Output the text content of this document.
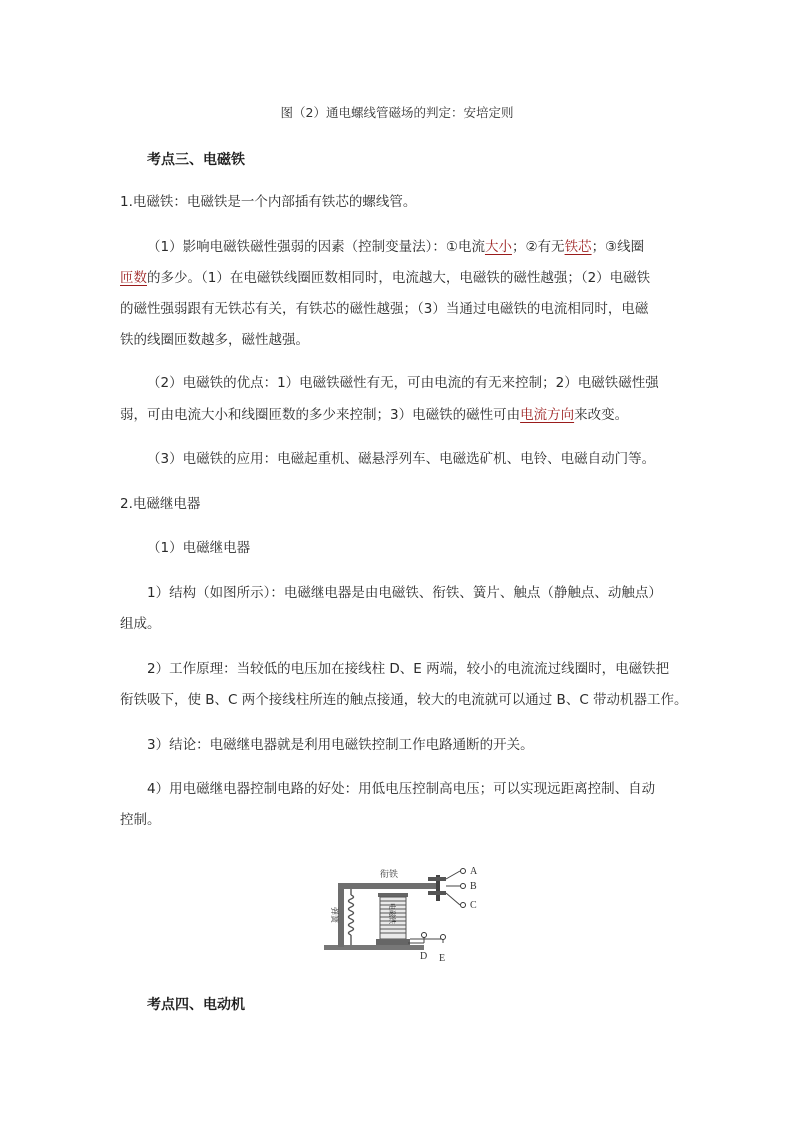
图（2）通电螺线管磁场的判定：安培定则
考点三、电磁铁
1.电磁铁：电磁铁是一个内部插有铁芯的螺线管。
（1）影响电磁铁磁性强弱的因素（控制变量法）：①电流大小；②有无铁芯；③线圈
匝数的多少。（1）在电磁铁线圈匝数相同时，电流越大，电磁铁的磁性越强；（2）电磁铁
的磁性强弱跟有无铁芯有关，有铁芯的磁性越强；（3）当通过电磁铁的电流相同时，电磁
铁的线圈匝数越多，磁性越强。
（2）电磁铁的优点：1）电磁铁磁性有无，可由电流的有无来控制；2）电磁铁磁性强
弱，可由电流大小和线圈匝数的多少来控制；3）电磁铁的磁性可由电流方向来改变。
（3）电磁铁的应用：电磁起重机、磁悬浮列车、电磁选矿机、电铃、电磁自动门等。
2.电磁继电器
（1）电磁继电器
1）结构（如图所示）：电磁继电器是由电磁铁、衔铁、簧片、触点（静触点、动触点）
组成。
2）工作原理：当较低的电压加在接线柱 D、E 两端，较小的电流流过线圈时，电磁铁把
衔铁吸下，使 B、C 两个接线柱所连的触点接通，较大的电流就可以通过 B、C 带动机器工作。
3）结论：电磁继电器就是利用电磁铁控制工作电路通断的开关。
4）用电磁继电器控制电路的好处：用低电压控制高电压；可以实现远距离控制、自动
控制。
A
B
C
D E
衔铁
弹簧	电磁铁
考点四、电动机
